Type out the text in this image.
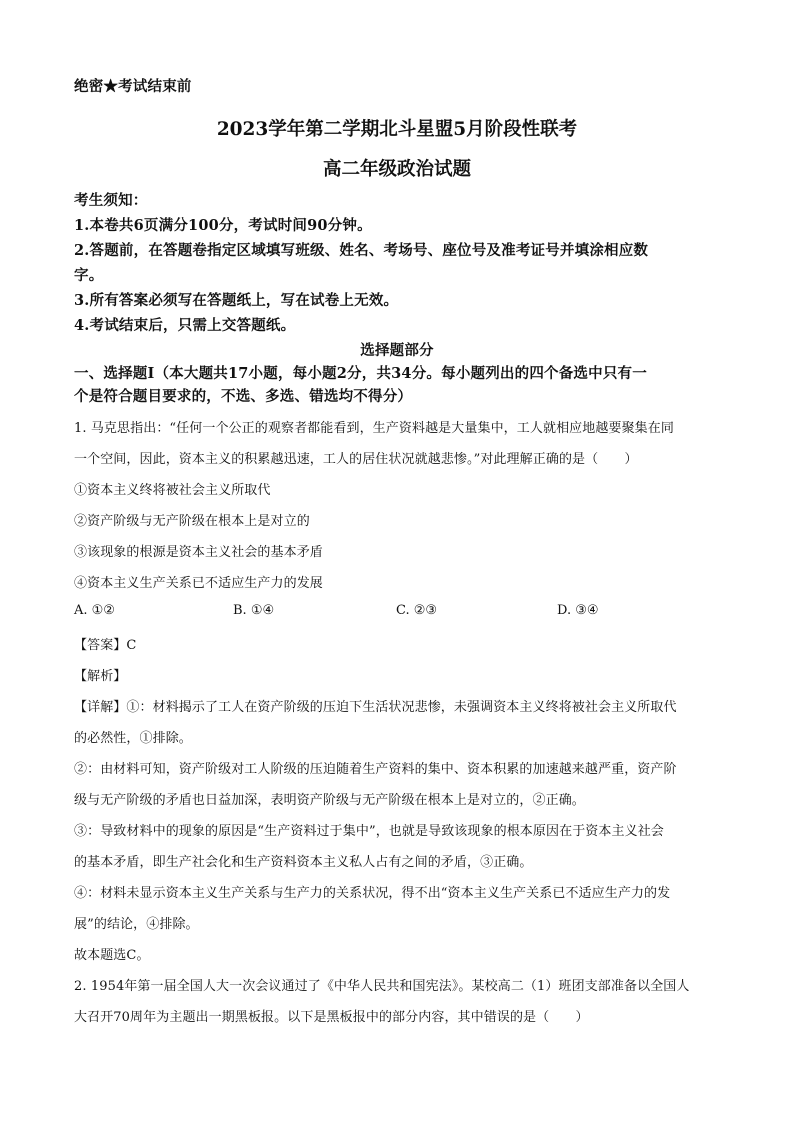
绝密★考试结束前
2023学年第二学期北斗星盟5月阶段性联考
高二年级政治试题
考生须知：
1.本卷共6页满分100分，考试时间90分钟。
2.答题前，在答题卷指定区域填写班级、姓名、考场号、座位号及准考证号并填涂相应数
字。
3.所有答案必须写在答题纸上，写在试卷上无效。
4.考试结束后，只需上交答题纸。
选择题部分
一、选择题Ⅰ（本大题共17小题，每小题2分，共34分。每小题列出的四个备选中只有一
个是符合题目要求的，不选、多选、错选均不得分）
1. 马克思指出：“任何一个公正的观察者都能看到，生产资料越是大量集中，工人就相应地越要聚集在同
一个空间，因此，资本主义的积累越迅速，工人的居住状况就越悲惨。”对此理解正确的是（　　）
①资本主义终将被社会主义所取代
②资产阶级与无产阶级在根本上是对立的
③该现象的根源是资本主义社会的基本矛盾
④资本主义生产关系已不适应生产力的发展
A. ①②	B. ①④	C. ②③	D. ③④
【答案】C
【解析】
【详解】①：材料揭示了工人在资产阶级的压迫下生活状况悲惨，未强调资本主义终将被社会主义所取代
的必然性，①排除。
②：由材料可知，资产阶级对工人阶级的压迫随着生产资料的集中、资本积累的加速越来越严重，资产阶
级与无产阶级的矛盾也日益加深，表明资产阶级与无产阶级在根本上是对立的，②正确。
③：导致材料中的现象的原因是“生产资料过于集中”，也就是导致该现象的根本原因在于资本主义社会
的基本矛盾，即生产社会化和生产资料资本主义私人占有之间的矛盾，③正确。
④：材料未显示资本主义生产关系与生产力的关系状况，得不出“资本主义生产关系已不适应生产力的发
展”的结论，④排除。
故本题选C。
2. 1954年第一届全国人大一次会议通过了《中华人民共和国宪法》。某校高二（1）班团支部准备以全国人
大召开70周年为主题出一期黑板报。以下是黑板报中的部分内容，其中错误的是（　　）
